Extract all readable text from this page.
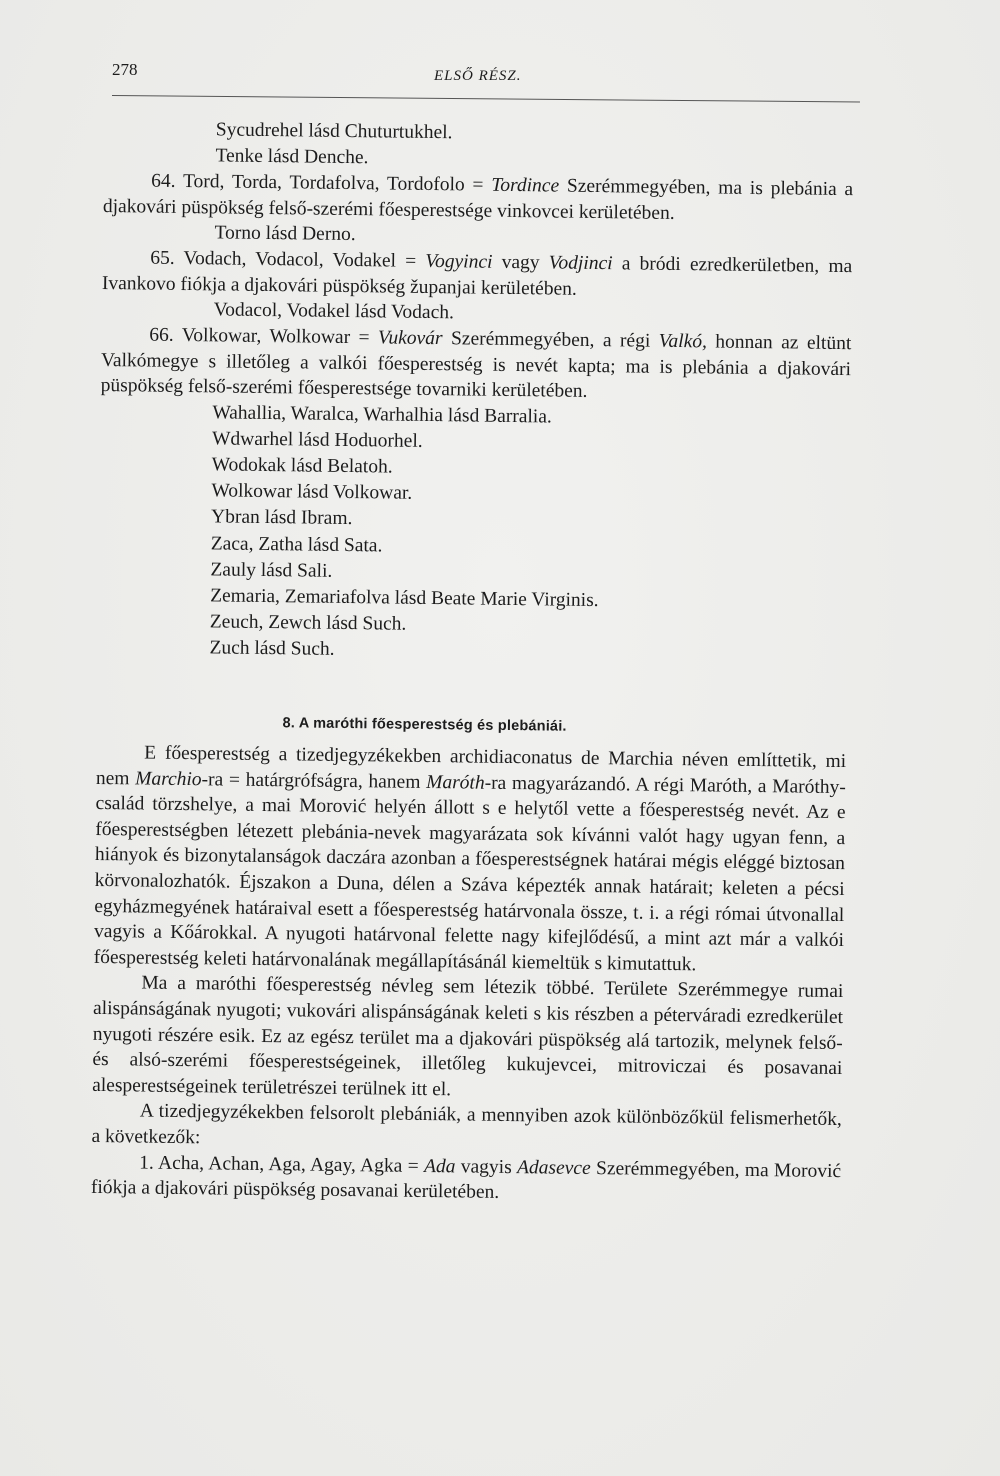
278	ELSŐ RÉSZ.
Sycudrehel lásd Chuturtukhel.
Tenke lásd Denche.

64. Tord, Torda, Tordafolva, Tordofolo = Tordince Szerémmegyében, ma is plebánia a djakovári püspökség felső-szerémi főesperestsége vinkovcei kerületében.

Torno lásd Derno.

65. Vodach, Vodacol, Vodakel = Vogyinci vagy Vodjinci a bródi ezredkerületben, ma Ivankovo fiókja a djakovári püspökség županjai kerületében.

Vodacol, Vodakel lásd Vodach.

66. Volkowar, Wolkowar = Vukovár Szerémmegyében, a régi Valkó, honnan az eltünt Valkómegye s illetőleg a valkói főesperestség is nevét kapta; ma is plebánia a djakovári püspökség felső-szerémi főesperestsége tovarniki kerületében.

Wahallia, Waralca, Warhalhia lásd Barralia.
Wdwarhel lásd Hoduorhel.
Wodokak lásd Belatoh.
Wolkowar lásd Volkowar.
Ybran lásd Ibram.
Zaca, Zatha lásd Sata.
Zauly lásd Sali.
Zemaria, Zemariafolva lásd Beate Marie Virginis.
Zeuch, Zewch lásd Such.
Zuch lásd Such.
8. A maróthi főesperestség és plebániái.

E főesperestség a tizedjegyzékekben archidiaconatus de Marchia néven említtetik, mi nem Marchio-ra = határgrófságra, hanem Maróth-ra magyarázandó. A régi Maróth, a Maróthy-család törzshelye, a mai Morović helyén állott s e helytől vette a főesperestség nevét. Az e főesperestségben létezett plebánia-nevek magyarázata sok kívánni valót hagy ugyan fenn, a hiányok és bizonytalanságok daczára azonban a főesperestségnek határai mégis eléggé biztosan körvonalozhatók. Éjszakon a Duna, délen a Száva képezték annak határait; keleten a pécsi egyházmegyének határaival esett a főesperestség határvonala össze, t. i. a régi római útvonallal vagyis a Kőárokkal. A nyugoti határvonal felette nagy kifejlődésű, a mint azt már a valkói főesperestség keleti határvonalának megállapításánál kiemeltük s kimutattuk.

Ma a maróthi főesperestség névleg sem létezik többé. Területe Szerémmegye rumai alispánságának nyugoti; vukovári alispánságának keleti s kis részben a péterváradi ezredkerület nyugoti részére esik. Ez az egész terület ma a djakovári püspökség alá tartozik, melynek felső- és alsó-szerémi főesperestségeinek, illetőleg kukujevcei, mitroviczai és posavanai alesperestségeinek területrészei terülnek itt el.

A tizedjegyzékekben felsorolt plebániák, a mennyiben azok különbözőkül felismerhetők, a következők:

1. Acha, Achan, Aga, Agay, Agka = Ada vagyis Adasevce Szerémmegyében, ma Morović fiókja a djakovári püspökség posavanai kerületében.
